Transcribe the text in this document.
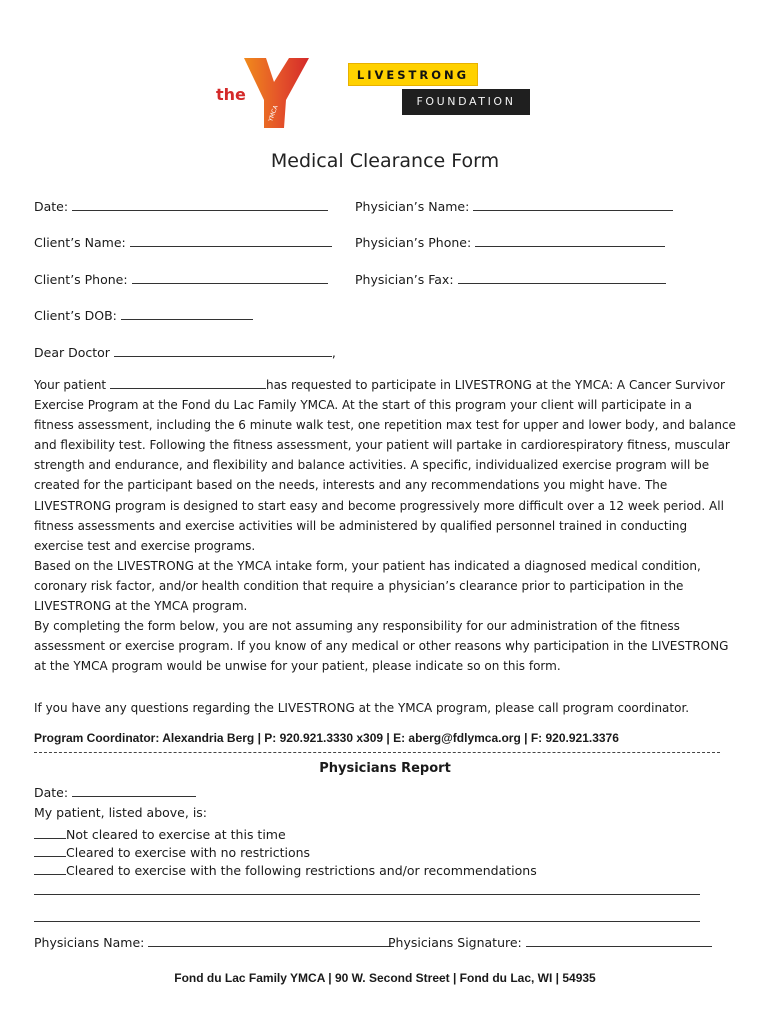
the
YMCA
LIVESTRONG
FOUNDATION
Medical Clearance Form
Date:	Physician’s Name:
Client’s Name:	Physician’s Phone:
Client’s Phone:	Physician’s Fax:
Client’s DOB:
Dear Doctor	,
Your patient	has requested to participate in LIVESTRONG at the YMCA: A Cancer Survivor
Exercise Program at the Fond du Lac Family YMCA. At the start of this program your client will participate in a
fitness assessment, including the 6 minute walk test, one repetition max test for upper and lower body, and balance
and flexibility test. Following the fitness assessment, your patient will partake in cardiorespiratory fitness, muscular
strength and endurance, and flexibility and balance activities. A specific, individualized exercise program will be
created for the participant based on the needs, interests and any recommendations you might have. The
LIVESTRONG program is designed to start easy and become progressively more difficult over a 12 week period. All
fitness assessments and exercise activities will be administered by qualified personnel trained in conducting
exercise test and exercise programs.
Based on the LIVESTRONG at the YMCA intake form, your patient has indicated a diagnosed medical condition,
coronary risk factor, and/or health condition that require a physician’s clearance prior to participation in the
LIVESTRONG at the YMCA program.
By completing the form below, you are not assuming any responsibility for our administration of the fitness
assessment or exercise program. If you know of any medical or other reasons why participation in the LIVESTRONG
at the YMCA program would be unwise for your patient, please indicate so on this form.
If you have any questions regarding the LIVESTRONG at the YMCA program, please call program coordinator.
Program Coordinator: Alexandria Berg | P: 920.921.3330 x309 | E: aberg@fdlymca.org | F: 920.921.3376
Physicians Report
Date:
My patient, listed above, is:
Not cleared to exercise at this time
Cleared to exercise with no restrictions
Cleared to exercise with the following restrictions and/or recommendations
Physicians Name:	Physicians Signature:
Fond du Lac Family YMCA | 90 W. Second Street | Fond du Lac, WI | 54935
